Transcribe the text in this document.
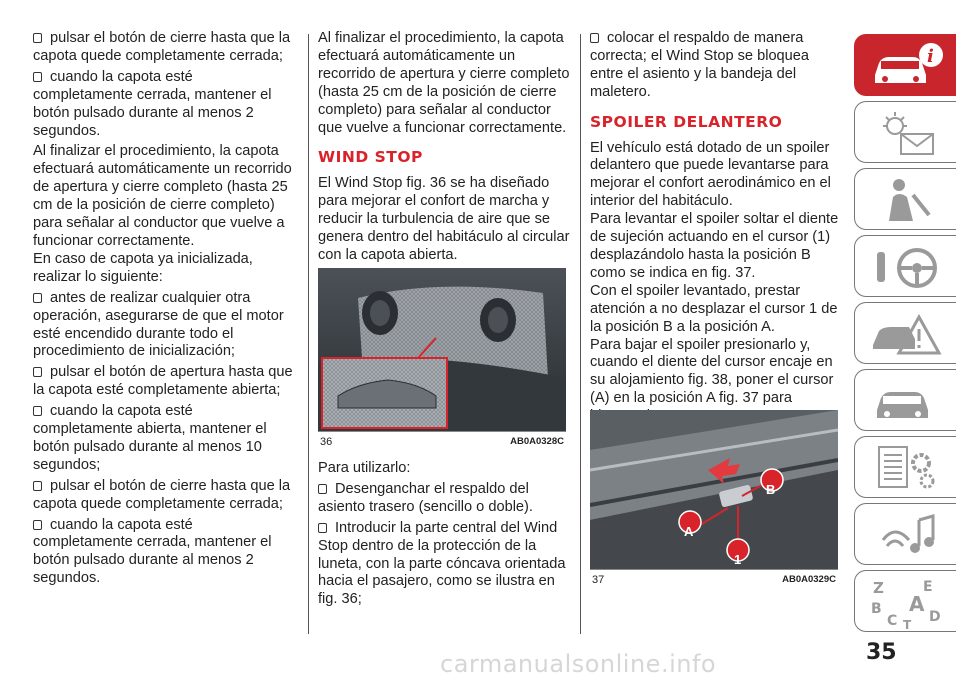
pulsar el botón de cierre hasta que la capota quede completamente cerrada;

cuando la capota esté completamente cerrada, mantener el botón pulsado durante al menos 2 segundos.

Al finalizar el procedimiento, la capota efectuará automáticamente un recorrido de apertura y cierre completo (hasta 25 cm de la posición de cierre completo) para señalar al conductor que vuelve a funcionar correctamente.

En caso de capota ya inicializada, realizar lo siguiente:

antes de realizar cualquier otra operación, asegurarse de que el motor esté encendido durante todo el procedimiento de inicialización;

pulsar el botón de apertura hasta que la capota esté completamente abierta;

cuando la capota esté completamente abierta, mantener el botón pulsado durante al menos 10 segundos;

pulsar el botón de cierre hasta que la capota quede completamente cerrada;

cuando la capota esté completamente cerrada, mantener el botón pulsado durante al menos 2 segundos.

Al finalizar el procedimiento, la capota efectuará automáticamente un recorrido de apertura y cierre completo (hasta 25 cm de la posición de cierre completo) para señalar al conductor que vuelve a funcionar correctamente.

WIND STOP

El Wind Stop fig. 36 se ha diseñado para mejorar el confort de marcha y reducir la turbulencia de aire que se genera dentro del habitáculo al circular con la capota abierta.

36	AB0A0328C

Para utilizarlo:

Desenganchar el respaldo del asiento trasero (sencillo o doble).

Introducir la parte central del Wind Stop dentro de la protección de la luneta, con la parte cóncava orientada hacia el pasajero, como se ilustra en fig. 36;

colocar el respaldo de manera correcta; el Wind Stop se bloquea entre el asiento y la bandeja del maletero.

SPOILER DELANTERO

El vehículo está dotado de un spoiler delantero que puede levantarse para mejorar el confort aerodinámico en el interior del habitáculo.

Para levantar el spoiler soltar el diente de sujeción actuando en el cursor (1) desplazándolo hasta la posición B como se indica en fig. 37.

Con el spoiler levantado, prestar atención a no desplazar el cursor 1 de la posición B a la posición A.

Para bajar el spoiler presionarlo y, cuando el diente del cursor encaje en su alojamiento fig. 38, poner el cursor (A) en la posición A fig. 37 para

A
B
1
37	AB0A0329C
i
Z	E
B A
C D
T
35
carmanualsonline.info
